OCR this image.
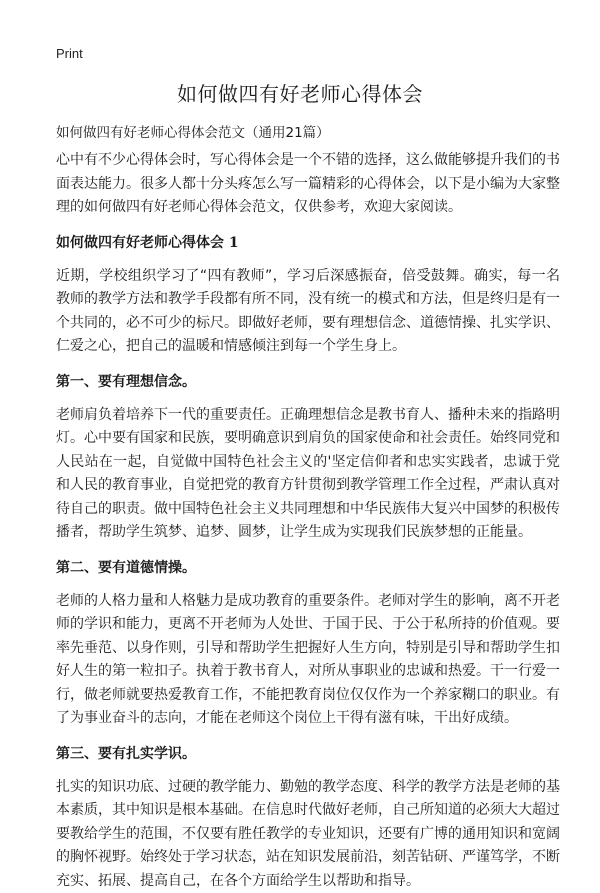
Print
如何做四有好老师心得体会

如何做四有好老师心得体会范文（通用21篇）

心中有不少心得体会时，写心得体会是一个不错的选择，这么做能够提升我们的书面表达能力。很多人都十分头疼怎么写一篇精彩的心得体会，以下是小编为大家整理的如何做四有好老师心得体会范文，仅供参考，欢迎大家阅读。

如何做四有好老师心得体会 1

近期，学校组织学习了“四有教师”，学习后深感振奋，倍受鼓舞。确实，每一名教师的教学方法和教学手段都有所不同，没有统一的模式和方法，但是终归是有一个共同的，必不可少的标尺。即做好老师，要有理想信念、道德情操、扎实学识、仁爱之心，把自己的温暖和情感倾注到每一个学生身上。

第一、要有理想信念。

老师肩负着培养下一代的重要责任。正确理想信念是教书育人、播种未来的指路明灯。心中要有国家和民族，要明确意识到肩负的国家使命和社会责任。始终同党和人民站在一起，自觉做中国特色社会主义的'坚定信仰者和忠实实践者，忠诚于党和人民的教育事业，自觉把党的教育方针贯彻到教学管理工作全过程，严肃认真对待自己的职责。做中国特色社会主义共同理想和中华民族伟大复兴中国梦的积极传播者，帮助学生筑梦、追梦、圆梦，让学生成为实现我们民族梦想的正能量。

第二、要有道德情操。

老师的人格力量和人格魅力是成功教育的重要条件。老师对学生的影响，离不开老师的学识和能力，更离不开老师为人处世、于国于民、于公于私所持的价值观。要率先垂范、以身作则，引导和帮助学生把握好人生方向，特别是引导和帮助学生扣好人生的第一粒扣子。执着于教书育人，对所从事职业的忠诚和热爱。干一行爱一行，做老师就要热爱教育工作，不能把教育岗位仅仅作为一个养家糊口的职业。有了为事业奋斗的志向，才能在老师这个岗位上干得有滋有味，干出好成绩。

第三、要有扎实学识。

扎实的知识功底、过硬的教学能力、勤勉的教学态度、科学的教学方法是老师的基本素质，其中知识是根本基础。在信息时代做好老师，自己所知道的必须大大超过要教给学生的范围，不仅要有胜任教学的专业知识，还要有广博的通用知识和宽阔的胸怀视野。始终处于学习状态，站在知识发展前沿，刻苦钻研、严谨笃学，不断充实、拓展、提高自己，在各个方面给学生以帮助和指导。
